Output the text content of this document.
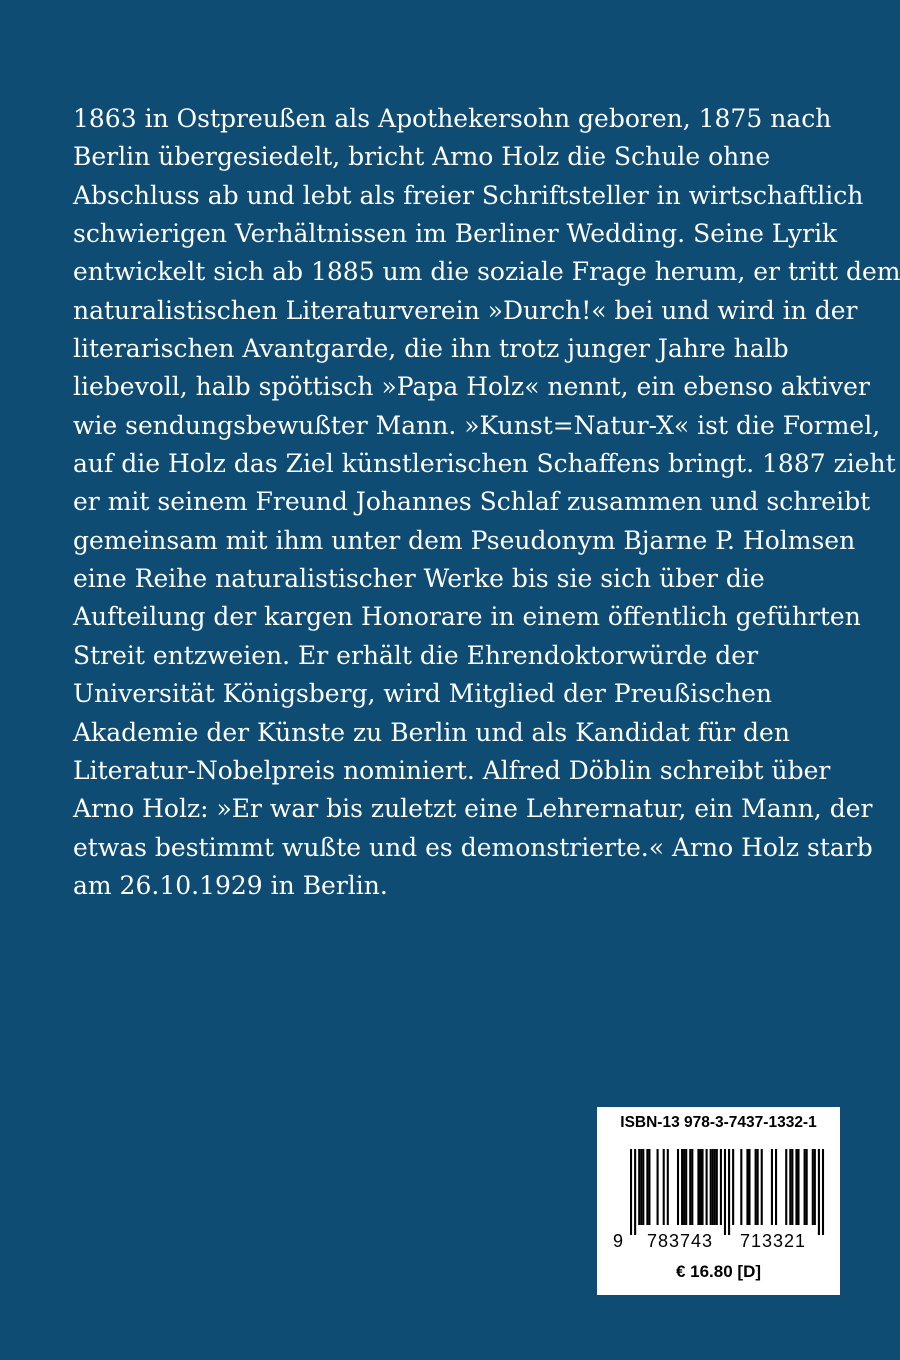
1863 in Ostpreußen als Apothekersohn geboren, 1875 nach
Berlin übergesiedelt, bricht Arno Holz die Schule ohne
Abschluss ab und lebt als freier Schriftsteller in wirtschaftlich
schwierigen Verhältnissen im Berliner Wedding. Seine Lyrik
entwickelt sich ab 1885 um die soziale Frage herum, er tritt dem
naturalistischen Literaturverein »Durch!« bei und wird in der
literarischen Avantgarde, die ihn trotz junger Jahre halb
liebevoll, halb spöttisch »Papa Holz« nennt, ein ebenso aktiver
wie sendungsbewußter Mann. »Kunst=Natur-X« ist die Formel,
auf die Holz das Ziel künstlerischen Schaffens bringt. 1887 zieht
er mit seinem Freund Johannes Schlaf zusammen und schreibt
gemeinsam mit ihm unter dem Pseudonym Bjarne P. Holmsen
eine Reihe naturalistischer Werke bis sie sich über die
Aufteilung der kargen Honorare in einem öffentlich geführten
Streit entzweien. Er erhält die Ehrendoktorwürde der
Universität Königsberg, wird Mitglied der Preußischen
Akademie der Künste zu Berlin und als Kandidat für den
Literatur-Nobelpreis nominiert. Alfred Döblin schreibt über
Arno Holz: »Er war bis zuletzt eine Lehrernatur, ein Mann, der
etwas bestimmt wußte und es demonstrierte.« Arno Holz starb
am 26.10.1929 in Berlin.
ISBN-13 978-3-7437-1332-1
9 783743 713321
€ 16.80 [D]
